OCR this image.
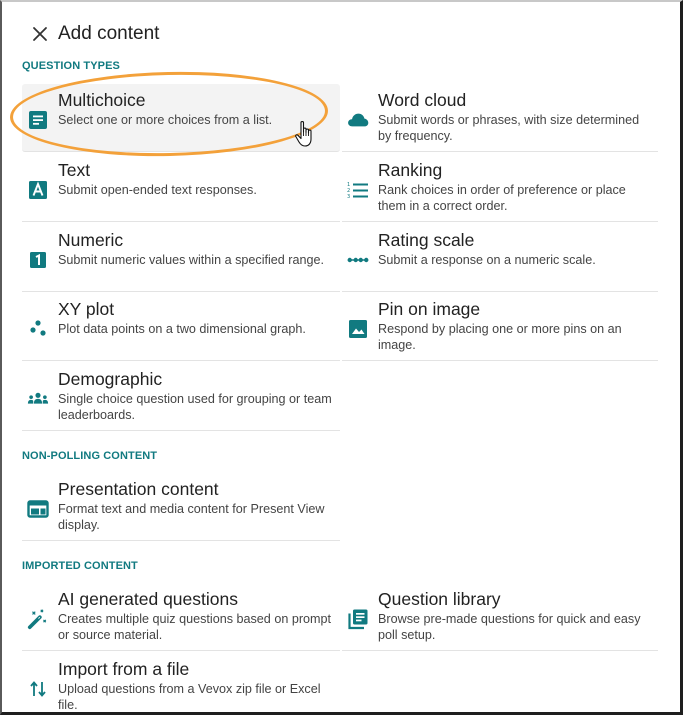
Add content
QUESTION TYPES
Multichoice
Select one or more choices from a list.
Word cloud
Submit words or phrases, with size determined by frequency.
Text
Submit open-ended text responses.	1
2
3
Ranking
Rank choices in order of preference or place them in a correct order.
Numeric
Submit numeric values within a specified range.
Rating scale
Submit a response on a numeric scale.
XY plot
Plot data points on a two dimensional graph.
Pin on image
Respond by placing one or more pins on an image.
Demographic
Single choice question used for grouping or team leaderboards.
NON-POLLING CONTENT
Presentation content
Format text and media content for Present View display.
IMPORTED CONTENT
AI generated questions
Creates multiple quiz questions based on prompt or source material.
Question library
Browse pre-made questions for quick and easy poll setup.
Import from a file
Upload questions from a Vevox zip file or Excel file.
